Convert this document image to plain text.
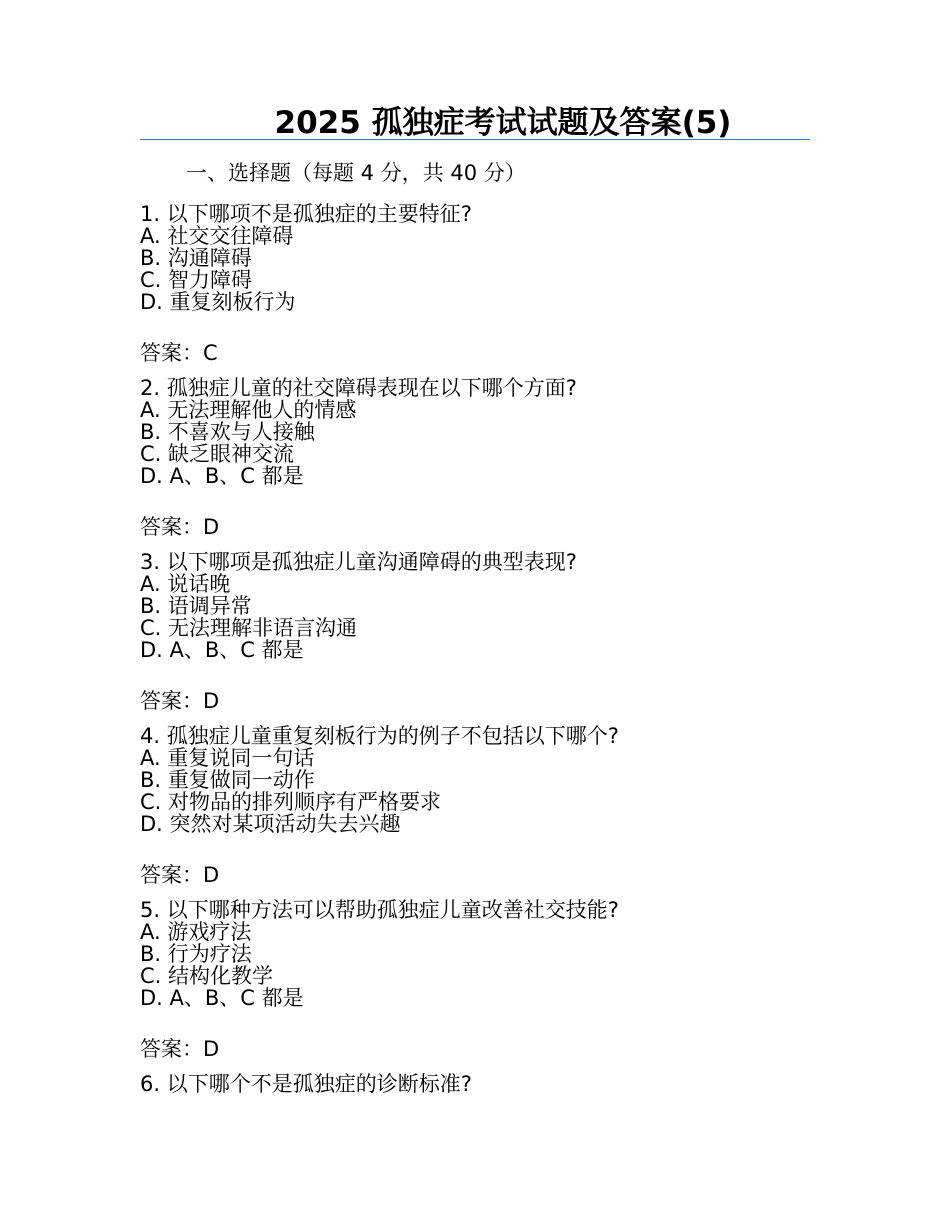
2025 孤独症考试试题及答案(5)
一、选择题（每题 4 分，共 40 分）
1. 以下哪项不是孤独症的主要特征?
A. 社交交往障碍
B. 沟通障碍
C. 智力障碍
D. 重复刻板行为
答案：C
2. 孤独症儿童的社交障碍表现在以下哪个方面?
A. 无法理解他人的情感
B. 不喜欢与人接触
C. 缺乏眼神交流
D. A、B、C 都是
答案：D
3. 以下哪项是孤独症儿童沟通障碍的典型表现?
A. 说话晚
B. 语调异常
C. 无法理解非语言沟通
D. A、B、C 都是
答案：D
4. 孤独症儿童重复刻板行为的例子不包括以下哪个?
A. 重复说同一句话
B. 重复做同一动作
C. 对物品的排列顺序有严格要求
D. 突然对某项活动失去兴趣
答案：D
5. 以下哪种方法可以帮助孤独症儿童改善社交技能?
A. 游戏疗法
B. 行为疗法
C. 结构化教学
D. A、B、C 都是
答案：D
6. 以下哪个不是孤独症的诊断标准?
